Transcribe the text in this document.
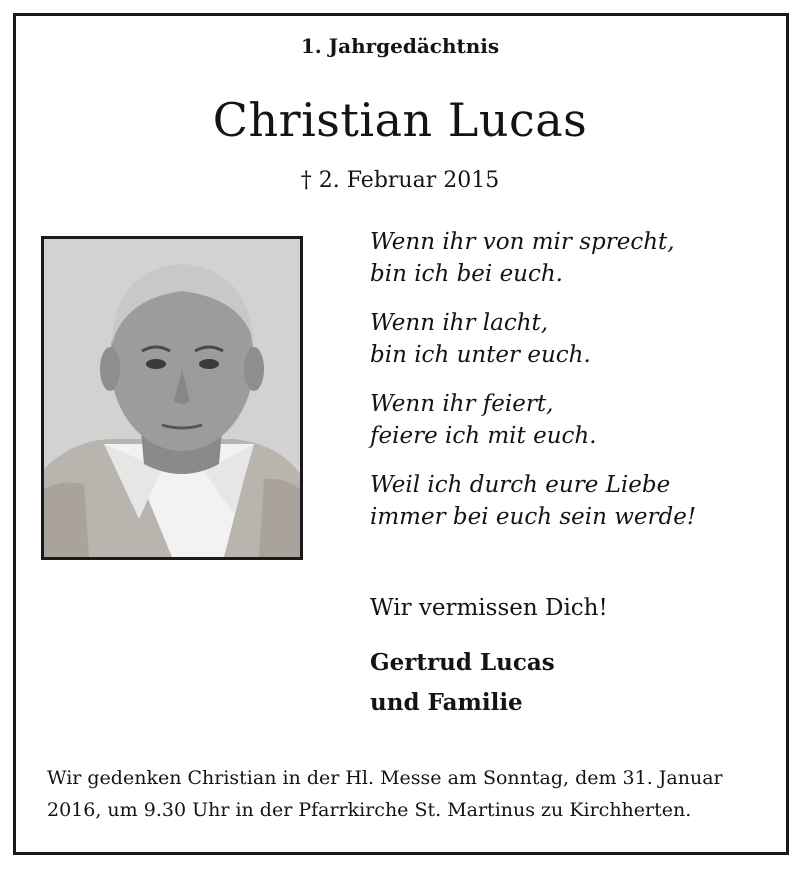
1. Jahrgedächtnis
Christian Lucas
† 2. Februar 2015
Wenn ihr von mir sprecht,
bin ich bei euch.
Wenn ihr lacht,
bin ich unter euch.
Wenn ihr feiert,
feiere ich mit euch.
Weil ich durch eure Liebe
immer bei euch sein werde!
Wir vermissen Dich!
Gertrud Lucas
und Familie
Wir gedenken Christian in der Hl. Messe am Sonntag, dem 31. Januar
2016, um 9.30 Uhr in der Pfarrkirche St. Martinus zu Kirchherten.
